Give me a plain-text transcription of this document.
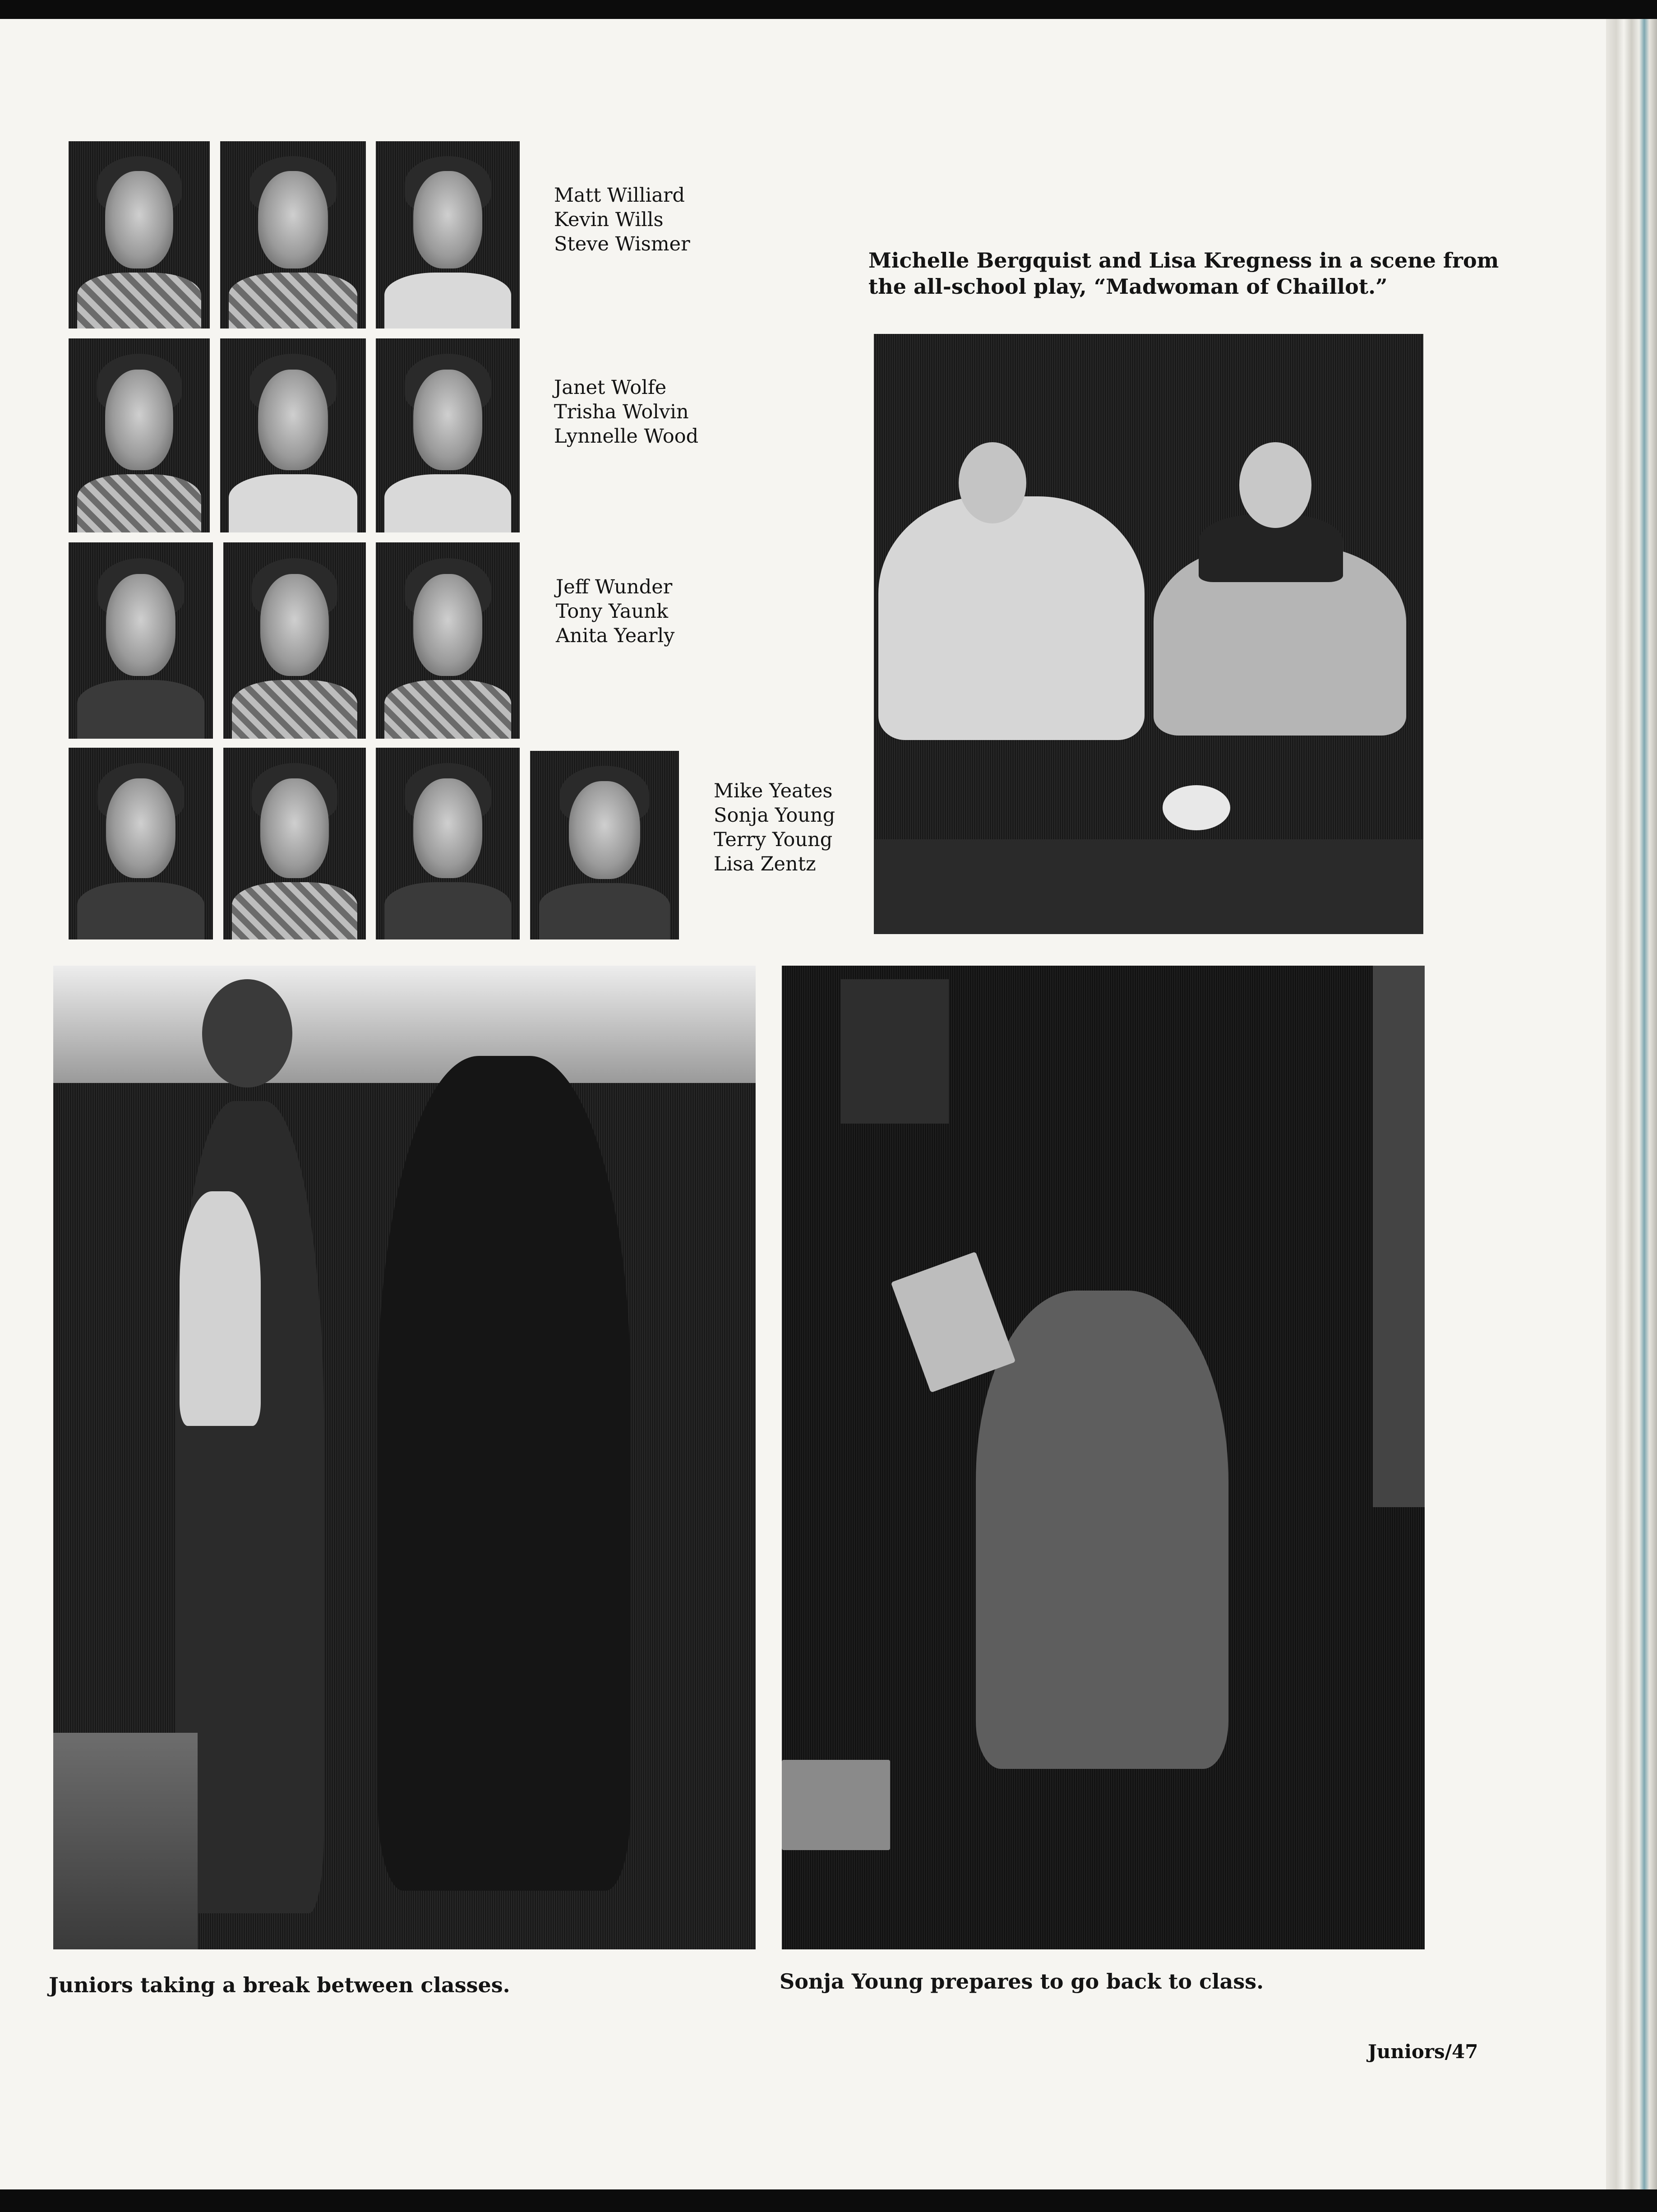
Matt Williard
Kevin Wills
Steve Wismer
Janet Wolfe
Trisha Wolvin
Lynnelle Wood
Jeff Wunder
Tony Yaunk
Anita Yearly
Mike Yeates
Sonja Young
Terry Young
Lisa Zentz
Michelle Bergquist and Lisa Kregness in a scene from
the all-school play, “Madwoman of Chaillot.”
Juniors taking a break between classes.	Sonja Young prepares to go back to class.
Juniors/47
